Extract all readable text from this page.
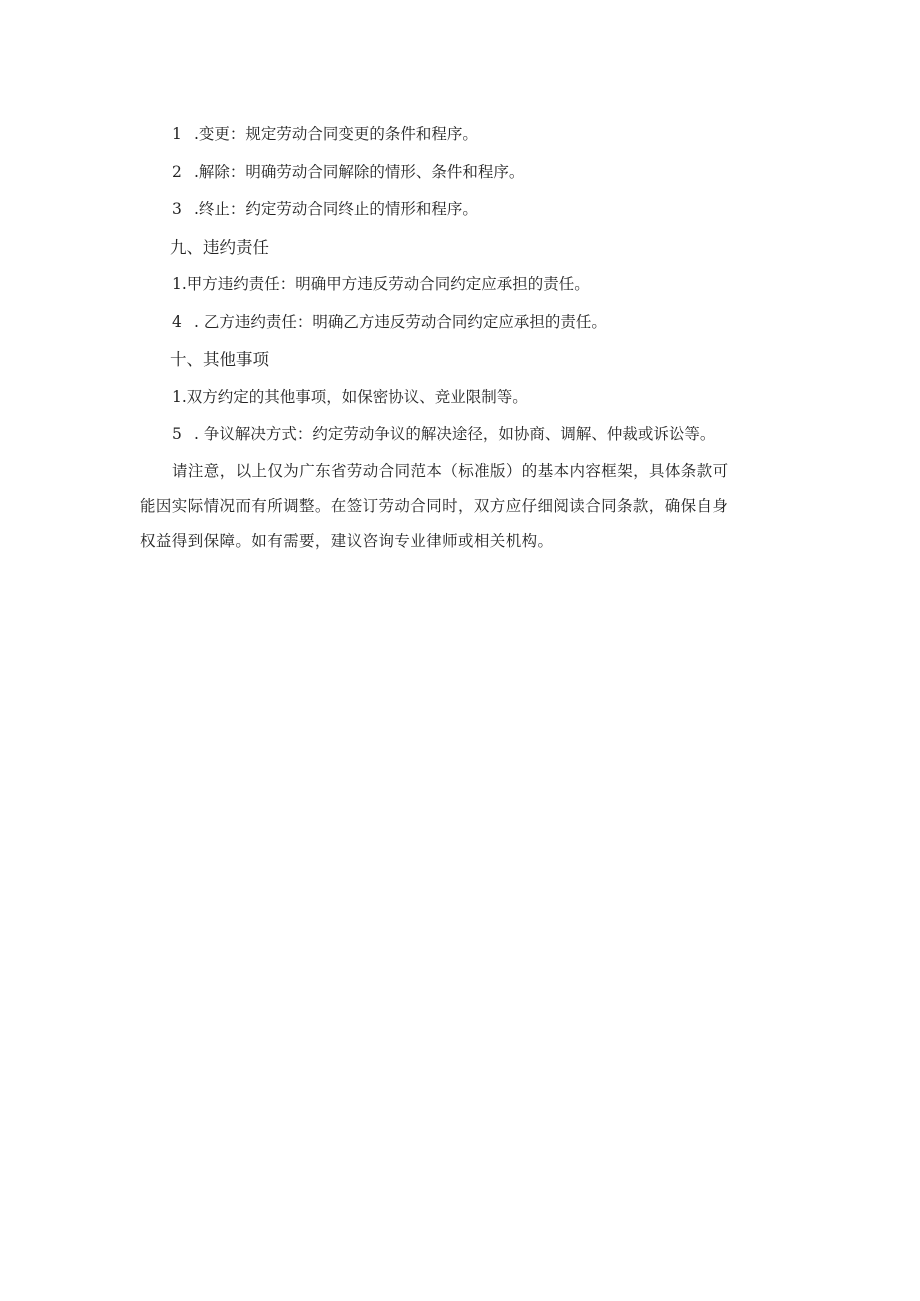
1 .变更：规定劳动合同变更的条件和程序。
2 .解除：明确劳动合同解除的情形、条件和程序。
3 .终止：约定劳动合同终止的情形和程序。
九、违约责任
1.甲方违约责任：明确甲方违反劳动合同约定应承担的责任。
4 . 乙方违约责任：明确乙方违反劳动合同约定应承担的责任。
十、其他事项
1.双方约定的其他事项，如保密协议、竞业限制等。
5 . 争议解决方式：约定劳动争议的解决途径，如协商、调解、仲裁或诉讼等。
请注意，以上仅为广东省劳动合同范本（标准版）的基本内容框架，具体条款可
能因实际情况而有所调整。在签订劳动合同时，双方应仔细阅读合同条款，确保自身
权益得到保障。如有需要，建议咨询专业律师或相关机构。
